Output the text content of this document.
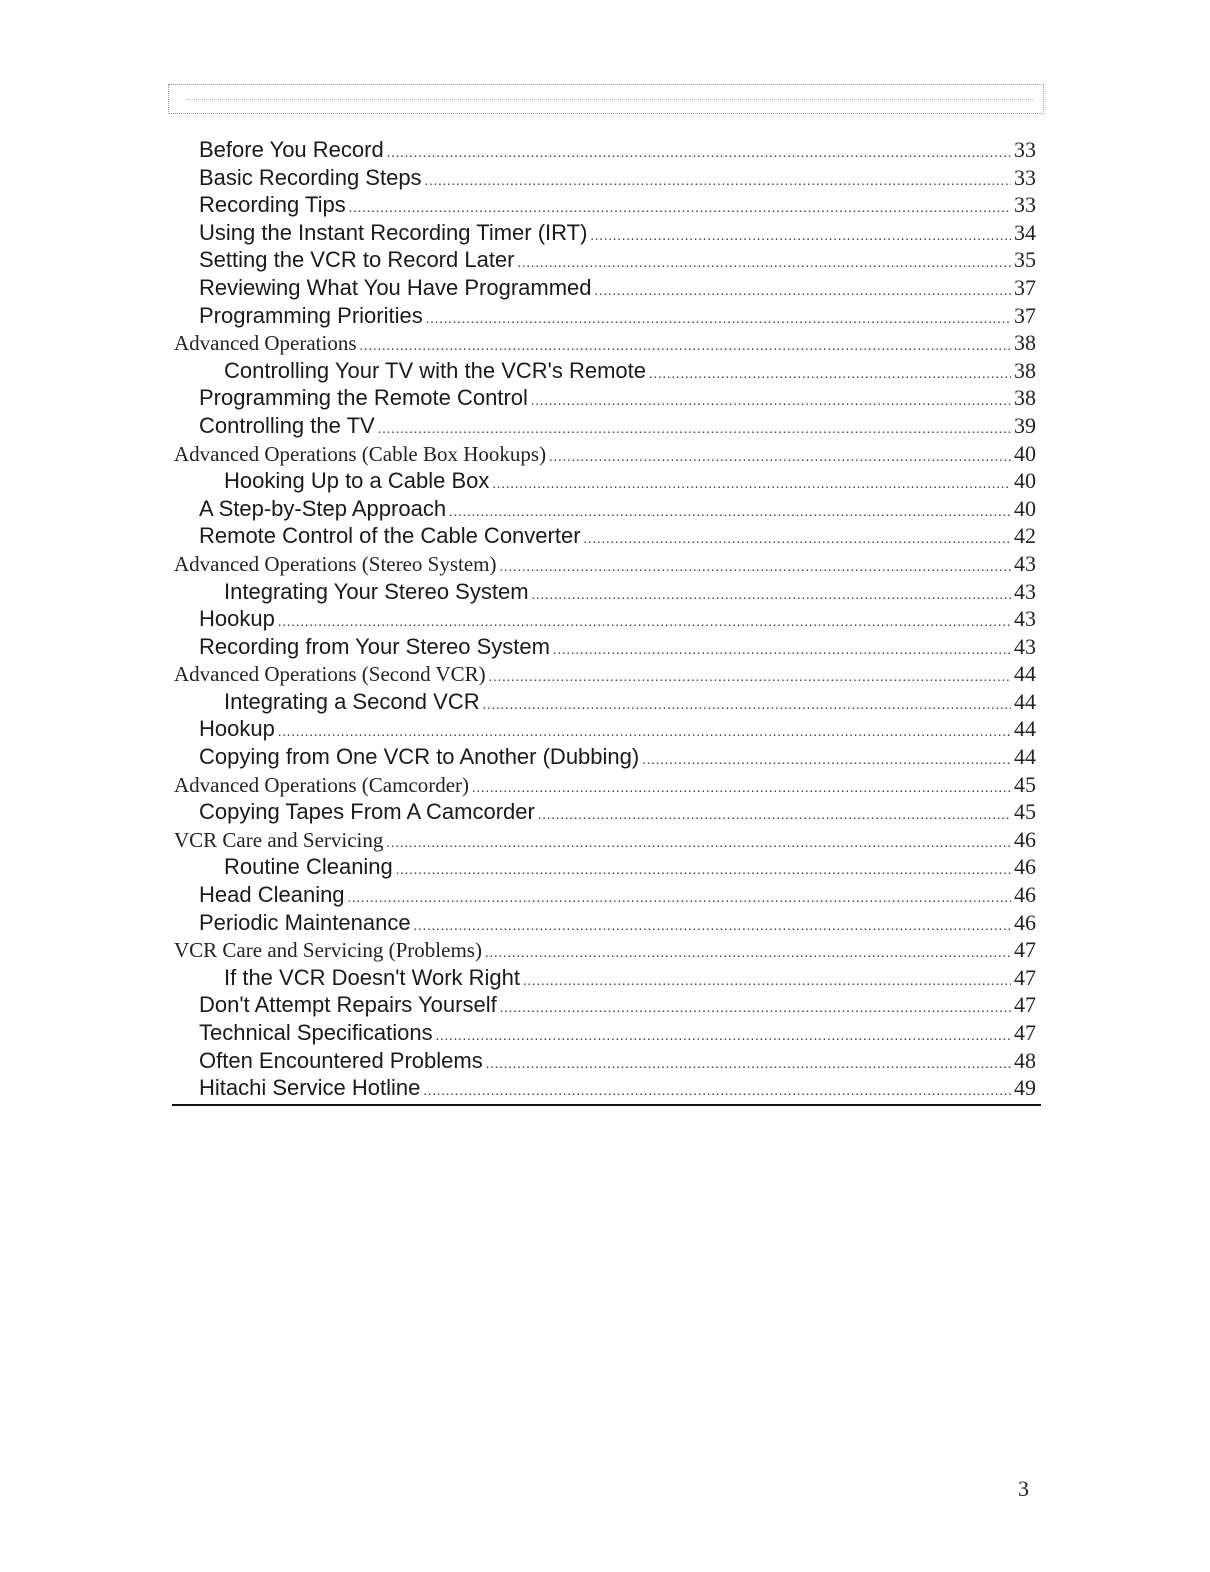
Before You Record .....	33
Basic Recording Steps .....	33
Recording Tips .....	33
Using the Instant Recording Timer (IRT) .....	34
Setting the VCR to Record Later .....	35
Reviewing What You Have Programmed .....	37
Programming Priorities .....	37
Advanced Operations .....	38
Controlling Your TV with the VCR's Remote .....	38
Programming the Remote Control .....	38
Controlling the TV .....	39
Advanced Operations (Cable Box Hookups) .....	40
Hooking Up to a Cable Box .....	40
A Step-by-Step Approach .....	40
Remote Control of the Cable Converter .....	42
Advanced Operations (Stereo System) .....	43
Integrating Your Stereo System .....	43
Hookup .....	43
Recording from Your Stereo System .....	43
Advanced Operations (Second VCR) .....	44
Integrating a Second VCR .....	44
Hookup .....	44
Copying from One VCR to Another (Dubbing) .....	44
Advanced Operations (Camcorder) .....	45
Copying Tapes From A Camcorder .....	45
VCR Care and Servicing .....	46
Routine Cleaning .....	46
Head Cleaning .....	46
Periodic Maintenance .....	46
VCR Care and Servicing (Problems) .....	47
If the VCR Doesn't Work Right .....	47
Don't Attempt Repairs Yourself .....	47
Technical Specifications .....	47
Often Encountered Problems .....	48
Hitachi Service Hotline .....	49
3
